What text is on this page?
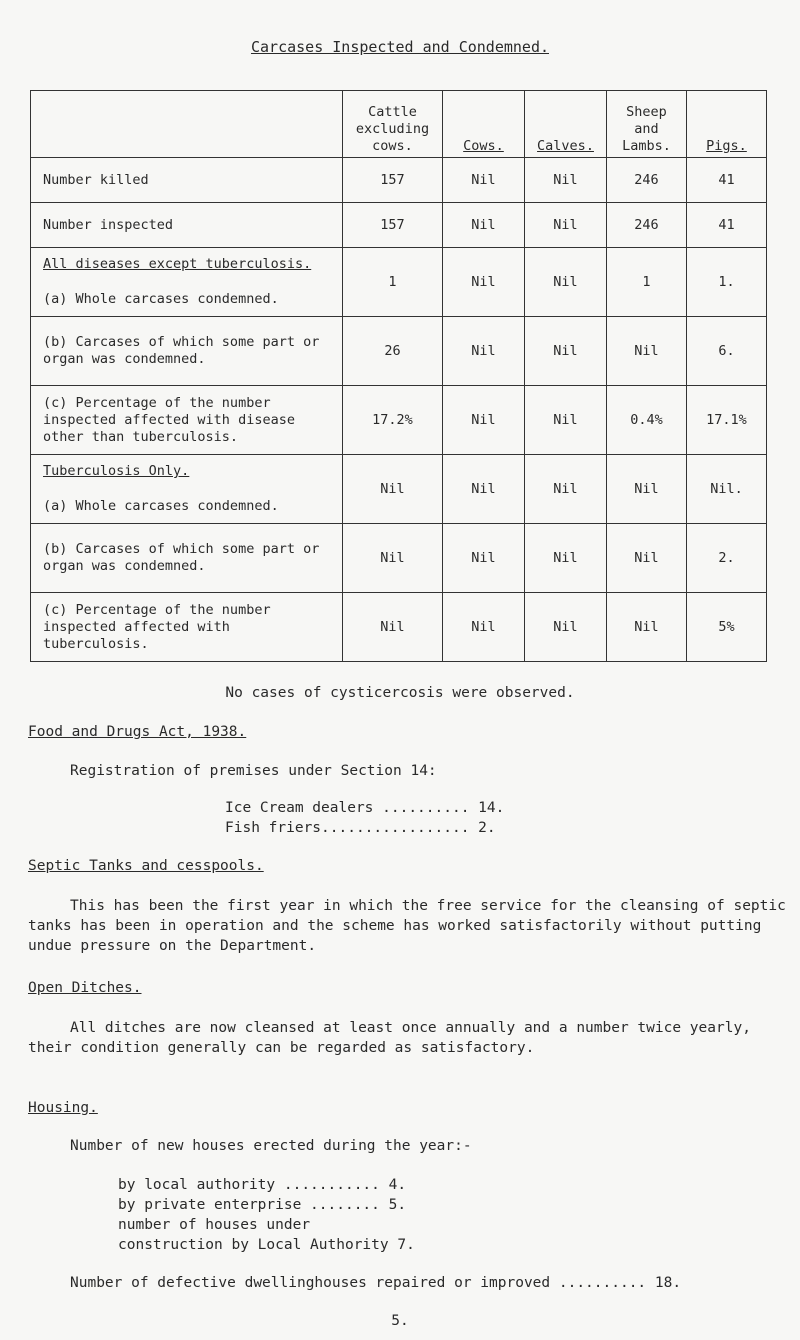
Carcases Inspected and Condemned.
	Cattle excluding cows.	Cows.	Calves.	Sheep and Lambs.	Pigs.
Number killed	157	Nil	Nil	246	41
Number inspected	157	Nil	Nil	246	41

All diseases except tuberculosis.
(a) Whole carcases condemned.	1	Nil	Nil	1	1.
(b) Carcases of which some part or organ was condemned.	26	Nil	Nil	Nil	6.
(c) Percentage of the number inspected affected with disease other than tuberculosis.	17.2%	Nil	Nil	0.4%	17.1%

Tuberculosis Only.
(a) Whole carcases condemned.	Nil	Nil	Nil	Nil	Nil.
(b) Carcases of which some part or organ was condemned.	Nil	Nil	Nil	Nil	2.
(c) Percentage of the number inspected affected with tuberculosis.	Nil	Nil	Nil	Nil	5%
No cases of cysticercosis were observed.
Food and Drugs Act, 1938.
Registration of premises under Section 14:
Ice Cream dealers .......... 14.
Fish friers................. 2.
Septic Tanks and cesspools.
This has been the first year in which the free service for the cleansing of septic tanks has been in operation and the scheme has worked satisfactorily without putting undue pressure on the Department.
Open Ditches.
All ditches are now cleansed at least once annually and a number twice yearly, their condition generally can be regarded as satisfactory.
Housing.
Number of new houses erected during the year:-
by local authority ........... 4.
by private enterprise ........ 5.
number of houses under
construction by Local Authority 7.
Number of defective dwellinghouses repaired or improved .......... 18.
5.
